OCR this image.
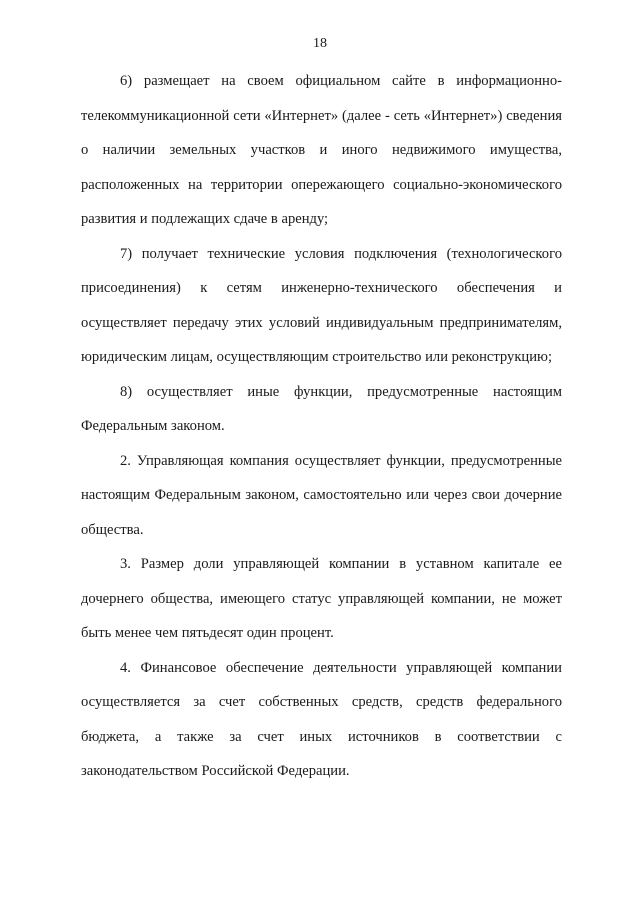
18

6) размещает на своем официальном сайте в информационно-телекоммуникационной сети «Интернет» (далее - сеть «Интернет») сведения о наличии земельных участков и иного недвижимого имущества, расположенных на территории опережающего социально-экономического развития и подлежащих сдаче в аренду;

7) получает технические условия подключения (технологического присоединения) к сетям инженерно-технического обеспечения и осуществляет передачу этих условий индивидуальным предпринимателям, юридическим лицам, осуществляющим строительство или реконструкцию;

8) осуществляет иные функции, предусмотренные настоящим Федеральным законом.

2. Управляющая компания осуществляет функции, предусмотренные настоящим Федеральным законом, самостоятельно или через свои дочерние общества.

3. Размер доли управляющей компании в уставном капитале ее дочернего общества, имеющего статус управляющей компании, не может быть менее чем пятьдесят один процент.

4. Финансовое обеспечение деятельности управляющей компании осуществляется за счет собственных средств, средств федерального бюджета, а также за счет иных источников в соответствии с законодательством Российской Федерации.
